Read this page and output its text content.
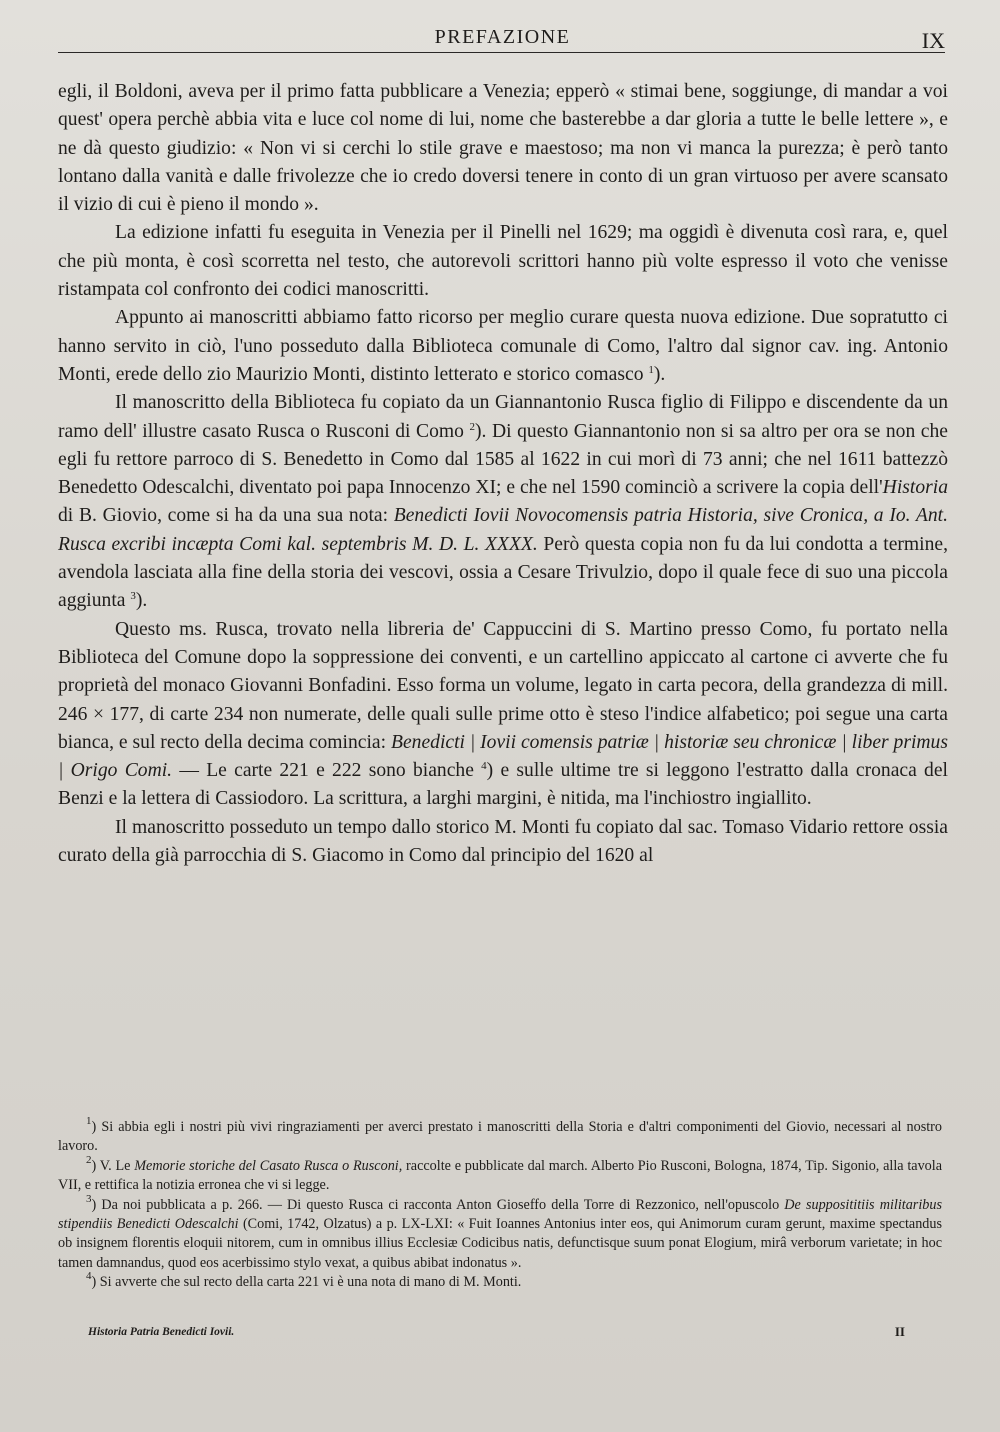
PREFAZIONE	IX

egli, il Boldoni, aveva per il primo fatta pubblicare a Venezia; epperò « stimai bene, soggiunge, di mandar a voi quest' opera perchè abbia vita e luce col nome di lui, nome che basterebbe a dar gloria a tutte le belle lettere », e ne dà questo giudizio: « Non vi si cerchi lo stile grave e maestoso; ma non vi manca la purezza; è però tanto lontano dalla vanità e dalle frivolezze che io credo doversi tenere in conto di un gran virtuoso per avere scansato il vizio di cui è pieno il mondo ».

La edizione infatti fu eseguita in Venezia per il Pinelli nel 1629; ma oggidì è divenuta così rara, e, quel che più monta, è così scorretta nel testo, che autorevoli scrittori hanno più volte espresso il voto che venisse ristampata col confronto dei codici manoscritti.

Appunto ai manoscritti abbiamo fatto ricorso per meglio curare questa nuova edizione. Due sopratutto ci hanno servito in ciò, l'uno posseduto dalla Biblioteca comunale di Como, l'altro dal signor cav. ing. Antonio Monti, erede dello zio Maurizio Monti, distinto letterato e storico comasco $^1$).

Il manoscritto della Biblioteca fu copiato da un Giannantonio Rusca figlio di Filippo e discendente da un ramo dell' illustre casato Rusca o Rusconi di Como $^2$). Di questo Giannantonio non si sa altro per ora se non che egli fu rettore parroco di S. Benedetto in Como dal 1585 al 1622 in cui morì di 73 anni; che nel 1611 battezzò Benedetto Odescalchi, diventato poi papa Innocenzo XI; e che nel 1590 cominciò a scrivere la copia dell'Historia di B. Giovio, come si ha da una sua nota: Benedicti Iovii Novocomensis patria Historia, sive Cronica, a Io. Ant. Rusca excribi incæpta Comi kal. septembris M. D. L. XXXX. Però questa copia non fu da lui condotta a termine, avendola lasciata alla fine della storia dei vescovi, ossia a Cesare Trivulzio, dopo il quale fece di suo una piccola aggiunta $^3$).

Questo ms. Rusca, trovato nella libreria de' Cappuccini di S. Martino presso Como, fu portato nella Biblioteca del Comune dopo la soppressione dei conventi, e un cartellino appiccato al cartone ci avverte che fu proprietà del monaco Giovanni Bonfadini. Esso forma un volume, legato in carta pecora, della grandezza di mill. 246 × 177, di carte 234 non numerate, delle quali sulle prime otto è steso l'indice alfabetico; poi segue una carta bianca, e sul recto della decima comincia: Benedicti | Iovii comensis patriæ | historiæ seu chronicæ | liber primus | Origo Comi. — Le carte 221 e 222 sono bianche $^4$) e sulle ultime tre si leggono l'estratto dalla cronaca del Benzi e la lettera di Cassiodoro. La scrittura, a larghi margini, è nitida, ma l'inchiostro ingiallito.

Il manoscritto posseduto un tempo dallo storico M. Monti fu copiato dal sac. Tomaso Vidario rettore ossia curato della già parrocchia di S. Giacomo in Como dal principio del 1620 al

$^1$) Si abbia egli i nostri più vivi ringraziamenti per averci prestato i manoscritti della Storia e d'altri componimenti del Giovio, necessari al nostro lavoro.

$^2$) V. Le Memorie storiche del Casato Rusca o Rusconi, raccolte e pubblicate dal march. Alberto Pio Rusconi, Bologna, 1874, Tip. Sigonio, alla tavola VII, e rettifica la notizia erronea che vi si legge.

$^3$) Da noi pubblicata a p. 266. — Di questo Rusca ci racconta Anton Gioseffo della Torre di Rezzonico, nell'opuscolo De supposititiis militaribus stipendiis Benedicti Odescalchi (Comi, 1742, Olzatus) a p. LX-LXI: « Fuit Ioannes Antonius inter eos, qui Animorum curam gerunt, maxime spectandus ob insignem florentis eloquii nitorem, cum in omnibus illius Ecclesiæ Codicibus natis, defunctisque suum ponat Elogium, mirâ verborum varietate; in hoc tamen damnandus, quod eos acerbissimo stylo vexat, a quibus abibat indonatus ».

$^4$) Si avverte che sul recto della carta 221 vi è una nota di mano di M. Monti.

Historia Patria Benedicti Iovii.	II
